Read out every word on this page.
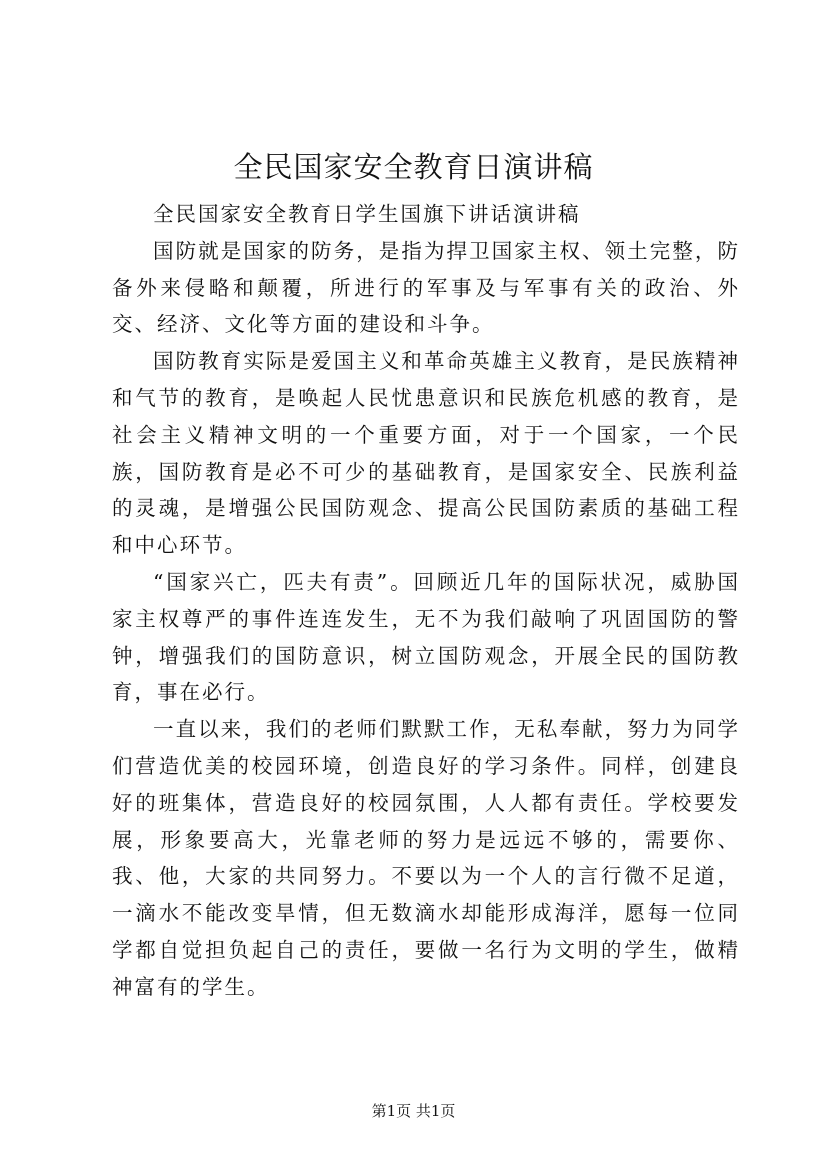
全民国家安全教育日演讲稿

全民国家安全教育日学生国旗下讲话演讲稿

国防就是国家的防务，是指为捍卫国家主权、领土完整，防备外来侵略和颠覆，所进行的军事及与军事有关的政治、外交、经济、文化等方面的建设和斗争。

国防教育实际是爱国主义和革命英雄主义教育，是民族精神和气节的教育，是唤起人民忧患意识和民族危机感的教育，是社会主义精神文明的一个重要方面，对于一个国家，一个民族，国防教育是必不可少的基础教育，是国家安全、民族利益的灵魂，是增强公民国防观念、提高公民国防素质的基础工程和中心环节。

“国家兴亡，匹夫有责”。回顾近几年的国际状况，威胁国家主权尊严的事件连连发生，无不为我们敲响了巩固国防的警钟，增强我们的国防意识，树立国防观念，开展全民的国防教育，事在必行。

一直以来，我们的老师们默默工作，无私奉献，努力为同学们营造优美的校园环境，创造良好的学习条件。同样，创建良好的班集体，营造良好的校园氛围，人人都有责任。学校要发展，形象要高大，光靠老师的努力是远远不够的，需要你、我、他，大家的共同努力。不要以为一个人的言行微不足道，一滴水不能改变旱情，但无数滴水却能形成海洋，愿每一位同学都自觉担负起自己的责任，要做一名行为文明的学生，做精神富有的学生。

第1页 共1页
